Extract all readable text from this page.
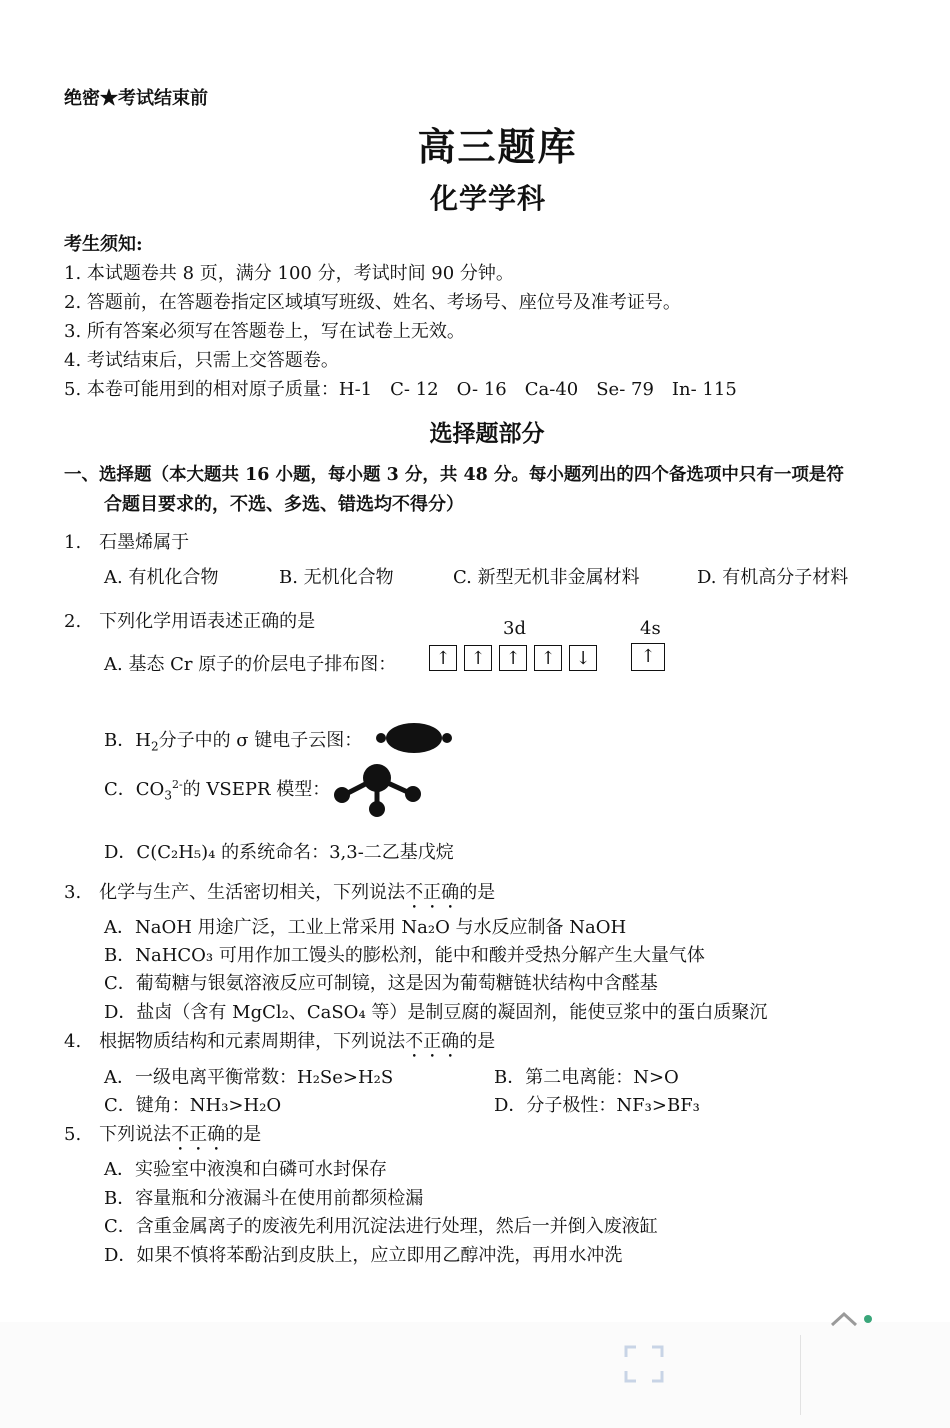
绝密★考试结束前
高三题库
化学学科
考生须知:
1. 本试题卷共 8 页，满分 100 分，考试时间 90 分钟。
2. 答题前，在答题卷指定区域填写班级、姓名、考场号、座位号及准考证号。
3. 所有答案必须写在答题卷上，写在试卷上无效。
4. 考试结束后，只需上交答题卷。
5. 本卷可能用到的相对原子质量：H-1　C- 12　O- 16　Ca-40　Se- 79　In- 115
选择题部分
一、选择题（本大题共 16 小题，每小题 3 分，共 48 分。每小题列出的四个备选项中只有一项是符
合题目要求的，不选、多选、错选均不得分）
1.　石墨烯属于
A. 有机化合物	B. 无机化合物	C. 新型无机非金属材料	D. 有机高分子材料
2.　下列化学用语表述正确的是	3d	4s
A. 基态 Cr 原子的价层电子排布图：	↑	↑	↑	↑	↓	↑
B．$H_2$分子中的 σ 键电子云图：
C．$CO_3^{2-}$的 VSEPR 模型：
D．C(C₂H₅)₄ 的系统命名：3,3-二乙基戊烷
3.　化学与生产、生活密切相关，下列说法不正确的是
A．NaOH 用途广泛，工业上常采用 Na₂O 与水反应制备 NaOH
B．NaHCO₃ 可用作加工馒头的膨松剂，能中和酸并受热分解产生大量气体
C．葡萄糖与银氨溶液反应可制镜，这是因为葡萄糖链状结构中含醛基
D．盐卤（含有 MgCl₂、CaSO₄ 等）是制豆腐的凝固剂，能使豆浆中的蛋白质聚沉
4.　根据物质结构和元素周期律，下列说法不正确的是
A．一级电离平衡常数：H₂Se>H₂S	B．第二电离能：N>O
C．键角：NH₃>H₂O	D．分子极性：NF₃>BF₃
5.　下列说法不正确的是
A．实验室中液溴和白磷可水封保存
B．容量瓶和分液漏斗在使用前都须检漏
C．含重金属离子的废液先利用沉淀法进行处理，然后一并倒入废液缸
D．如果不慎将苯酚沾到皮肤上，应立即用乙醇冲洗，再用水冲洗
